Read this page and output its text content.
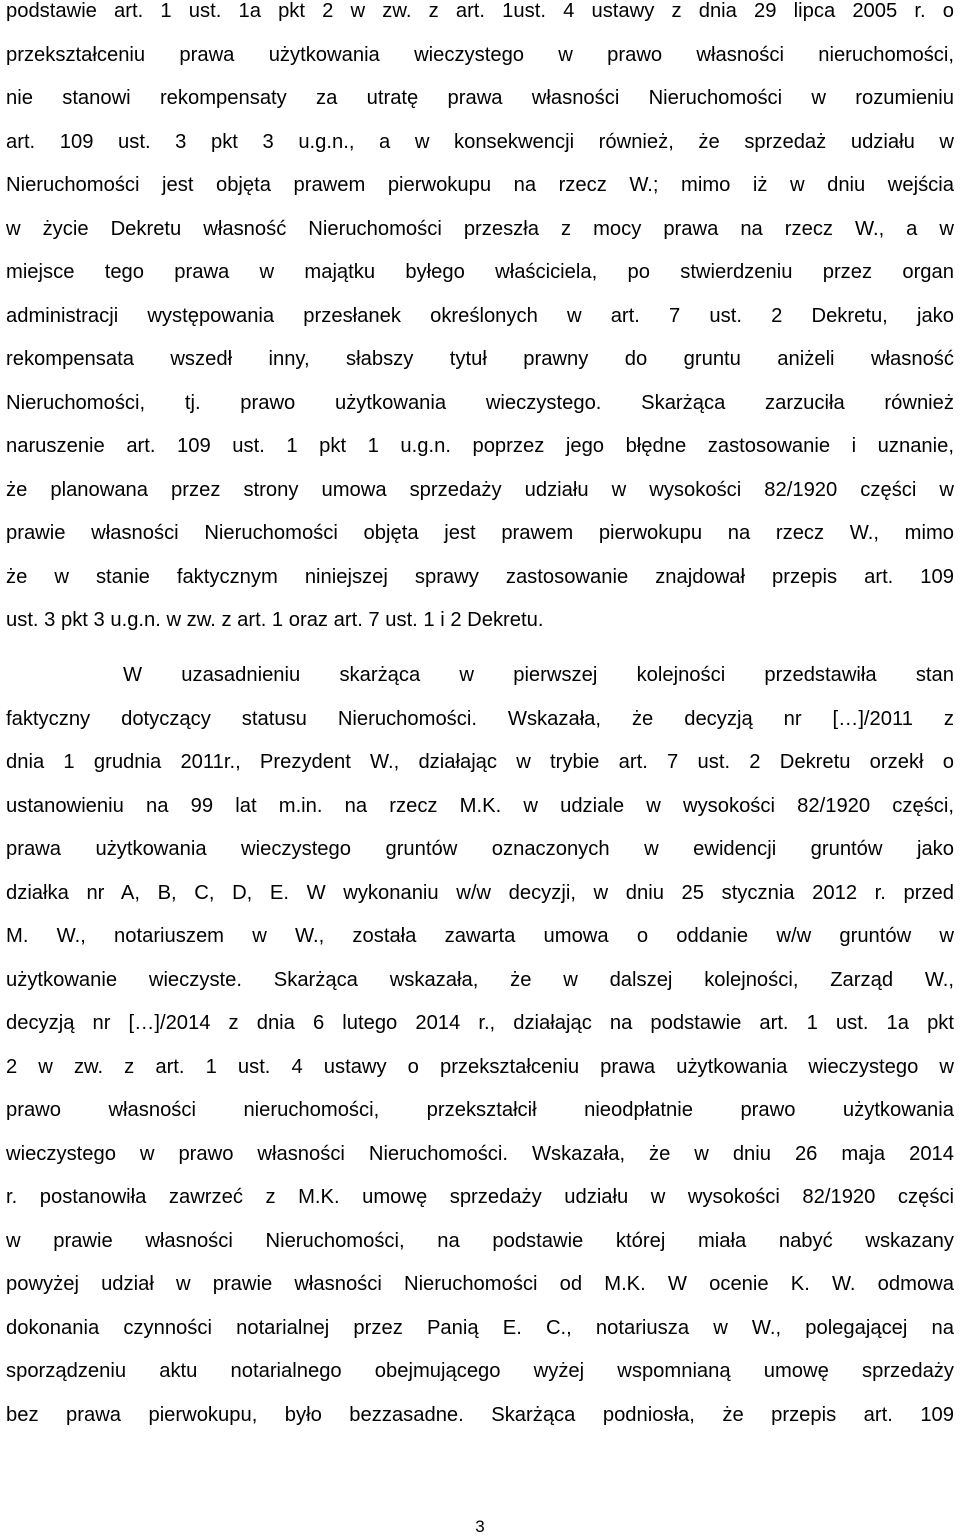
podstawie art. 1 ust. 1a pkt 2 w zw. z art. 1ust. 4 ustawy z dnia 29 lipca 2005 r. o
przekształceniu prawa użytkowania wieczystego w prawo własności nieruchomości,
nie stanowi rekompensaty za utratę prawa własności Nieruchomości w rozumieniu
art. 109 ust. 3 pkt 3 u.g.n., a w konsekwencji również, że sprzedaż udziału w
Nieruchomości jest objęta prawem pierwokupu na rzecz W.; mimo iż w dniu wejścia
w życie Dekretu własność Nieruchomości przeszła z mocy prawa na rzecz W., a w
miejsce tego prawa w majątku byłego właściciela, po stwierdzeniu przez organ
administracji występowania przesłanek określonych w art. 7 ust. 2 Dekretu, jako
rekompensata wszedł inny, słabszy tytuł prawny do gruntu aniżeli własność
Nieruchomości, tj. prawo użytkowania wieczystego. Skarżąca zarzuciła również
naruszenie art. 109 ust. 1 pkt 1 u.g.n. poprzez jego błędne zastosowanie i uznanie,
że planowana przez strony umowa sprzedaży udziału w wysokości 82/1920 części w
prawie własności Nieruchomości objęta jest prawem pierwokupu na rzecz W., mimo
że w stanie faktycznym niniejszej sprawy zastosowanie znajdował przepis art. 109
ust. 3 pkt 3 u.g.n. w zw. z art. 1 oraz art. 7 ust. 1 i 2 Dekretu.
W uzasadnieniu skarżąca w pierwszej kolejności przedstawiła stan
faktyczny dotyczący statusu Nieruchomości. Wskazała, że decyzją nr […]/2011 z
dnia 1 grudnia 2011r., Prezydent W., działając w trybie art. 7 ust. 2 Dekretu orzekł o
ustanowieniu na 99 lat m.in. na rzecz M.K. w udziale w wysokości 82/1920 części,
prawa użytkowania wieczystego gruntów oznaczonych w ewidencji gruntów jako
działka nr A, B, C, D, E. W wykonaniu w/w decyzji, w dniu 25 stycznia 2012 r. przed
M. W., notariuszem w W., została zawarta umowa o oddanie w/w gruntów w
użytkowanie wieczyste. Skarżąca wskazała, że w dalszej kolejności, Zarząd W.,
decyzją nr […]/2014 z dnia 6 lutego 2014 r., działając na podstawie art. 1 ust. 1a pkt
2 w zw. z art. 1 ust. 4 ustawy o przekształceniu prawa użytkowania wieczystego w
prawo własności nieruchomości, przekształcił nieodpłatnie prawo użytkowania
wieczystego w prawo własności Nieruchomości. Wskazała, że w dniu 26 maja 2014
r. postanowiła zawrzeć z M.K. umowę sprzedaży udziału w wysokości 82/1920 części
w prawie własności Nieruchomości, na podstawie której miała nabyć wskazany
powyżej udział w prawie własności Nieruchomości od M.K. W ocenie K. W. odmowa
dokonania czynności notarialnej przez Panią E. C., notariusza w W., polegającej na
sporządzeniu aktu notarialnego obejmującego wyżej wspomnianą umowę sprzedaży
bez prawa pierwokupu, było bezzasadne. Skarżąca podniosła, że przepis art. 109
3
